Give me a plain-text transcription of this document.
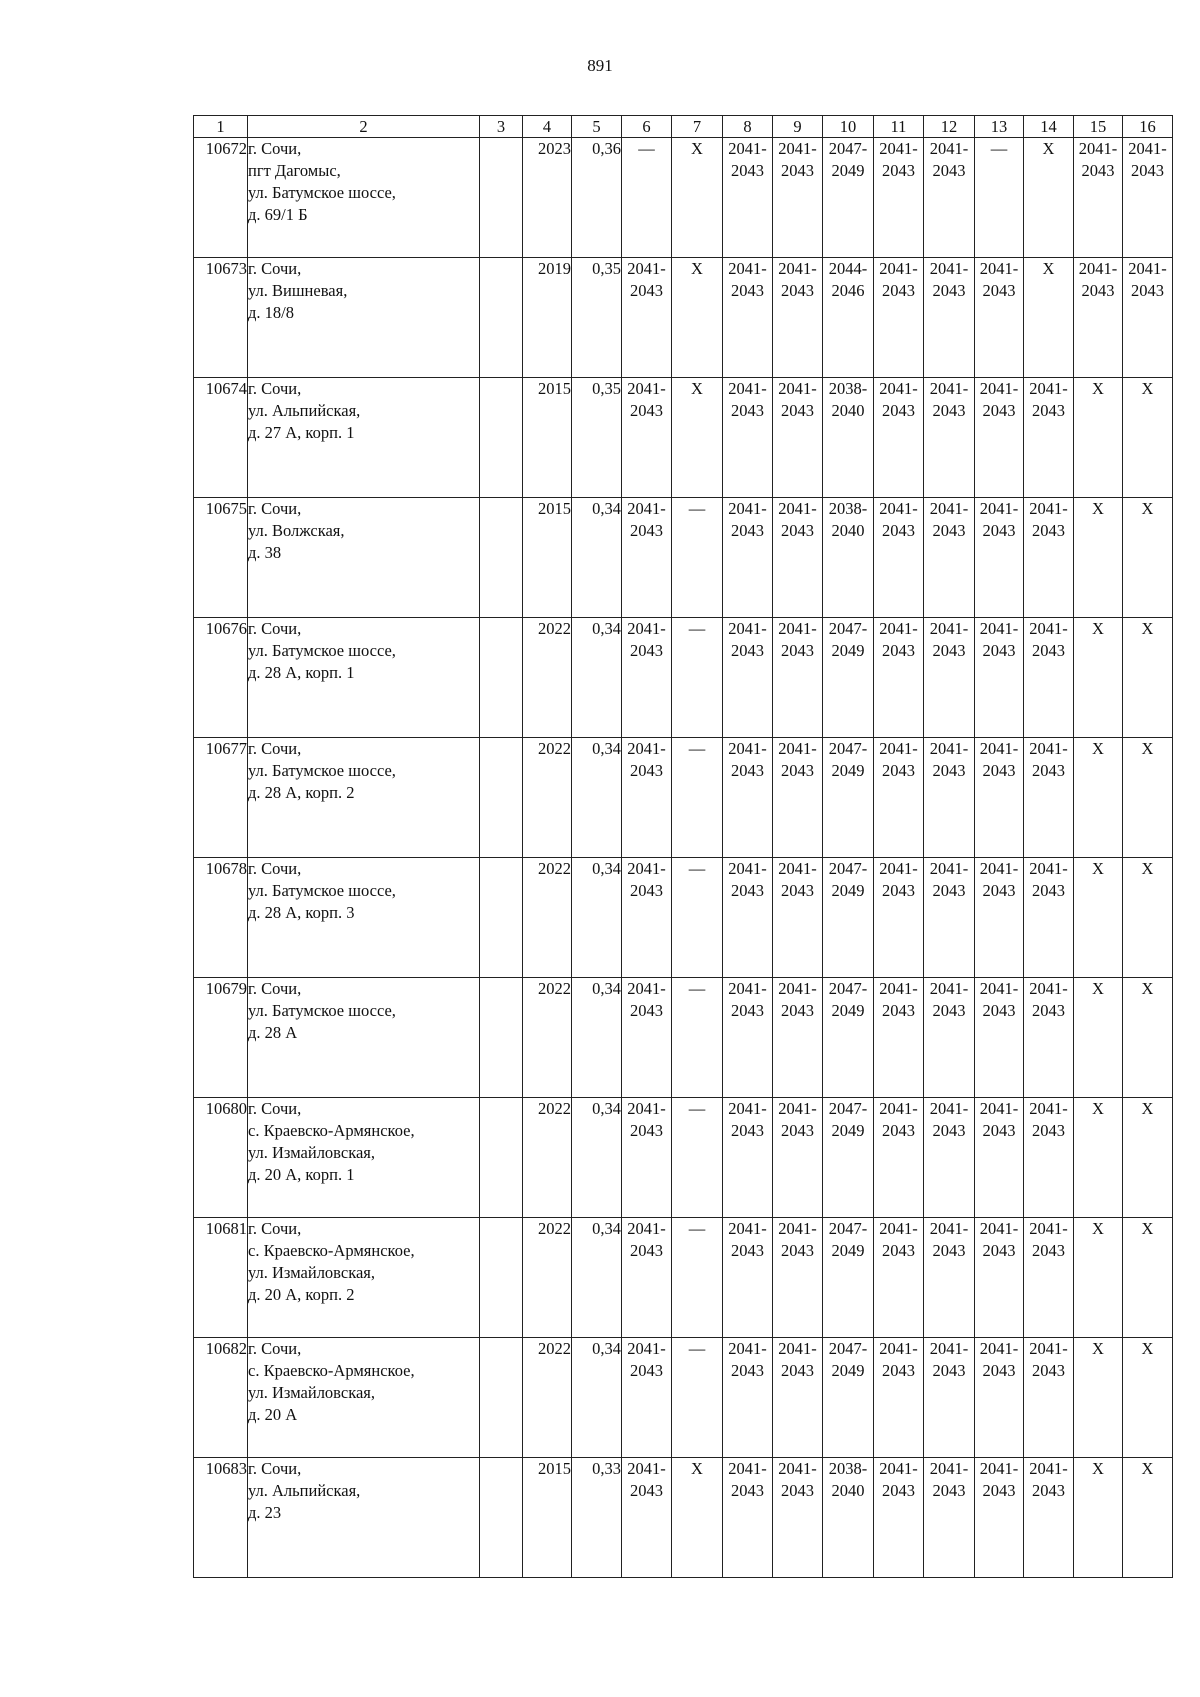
891
1	2	3	4	5	6	7	8	9	10	11	12	13	14	15	16
10672	г. Сочи,
пгт Дагомыс,
ул. Батумское шоссе,
д. 69/1 Б		2023	0,36	—	X	2041-
2043	2041-
2043	2047-
2049	2041-
2043	2041-
2043	—	X	2041-
2043	2041-
2043

10673	г. Сочи,
ул. Вишневая,
д. 18/8		2019	0,35	2041-
2043	X	2041-
2043	2041-
2043	2044-
2046	2041-
2043	2041-
2043	2041-
2043	X	2041-
2043	2041-
2043

10674	г. Сочи,
ул. Альпийская,
д. 27 А, корп. 1		2015	0,35	2041-
2043	X	2041-
2043	2041-
2043	2038-
2040	2041-
2043	2041-
2043	2041-
2043	2041-
2043	X	X
10675	г. Сочи,
ул. Волжская,
д. 38		2015	0,34	2041-
2043	—	2041-
2043	2041-
2043	2038-
2040	2041-
2043	2041-
2043	2041-
2043	2041-
2043	X	X
10676	г. Сочи,
ул. Батумское шоссе,
д. 28 А, корп. 1		2022	0,34	2041-
2043	—	2041-
2043	2041-
2043	2047-
2049	2041-
2043	2041-
2043	2041-
2043	2041-
2043	X	X
10677	г. Сочи,
ул. Батумское шоссе,
д. 28 А, корп. 2		2022	0,34	2041-
2043	—	2041-
2043	2041-
2043	2047-
2049	2041-
2043	2041-
2043	2041-
2043	2041-
2043	X	X
10678	г. Сочи,
ул. Батумское шоссе,
д. 28 А, корп. 3		2022	0,34	2041-
2043	—	2041-
2043	2041-
2043	2047-
2049	2041-
2043	2041-
2043	2041-
2043	2041-
2043	X	X
10679	г. Сочи,
ул. Батумское шоссе,
д. 28 А		2022	0,34	2041-
2043	—	2041-
2043	2041-
2043	2047-
2049	2041-
2043	2041-
2043	2041-
2043	2041-
2043	X	X
10680	г. Сочи,
с. Краевско-Армянское,
ул. Измайловская,
д. 20 А, корп. 1		2022	0,34	2041-
2043	—	2041-
2043	2041-
2043	2047-
2049	2041-
2043	2041-
2043	2041-
2043	2041-
2043	X	X
10681	г. Сочи,
с. Краевско-Армянское,
ул. Измайловская,
д. 20 А, корп. 2		2022	0,34	2041-
2043	—	2041-
2043	2041-
2043	2047-
2049	2041-
2043	2041-
2043	2041-
2043	2041-
2043	X	X
10682	г. Сочи,
с. Краевско-Армянское,
ул. Измайловская,
д. 20 А		2022	0,34	2041-
2043	—	2041-
2043	2041-
2043	2047-
2049	2041-
2043	2041-
2043	2041-
2043	2041-
2043	X	X
10683	г. Сочи,
ул. Альпийская,
д. 23		2015	0,33	2041-
2043	X	2041-
2043	2041-
2043	2038-
2040	2041-
2043	2041-
2043	2041-
2043	2041-
2043	X	X
